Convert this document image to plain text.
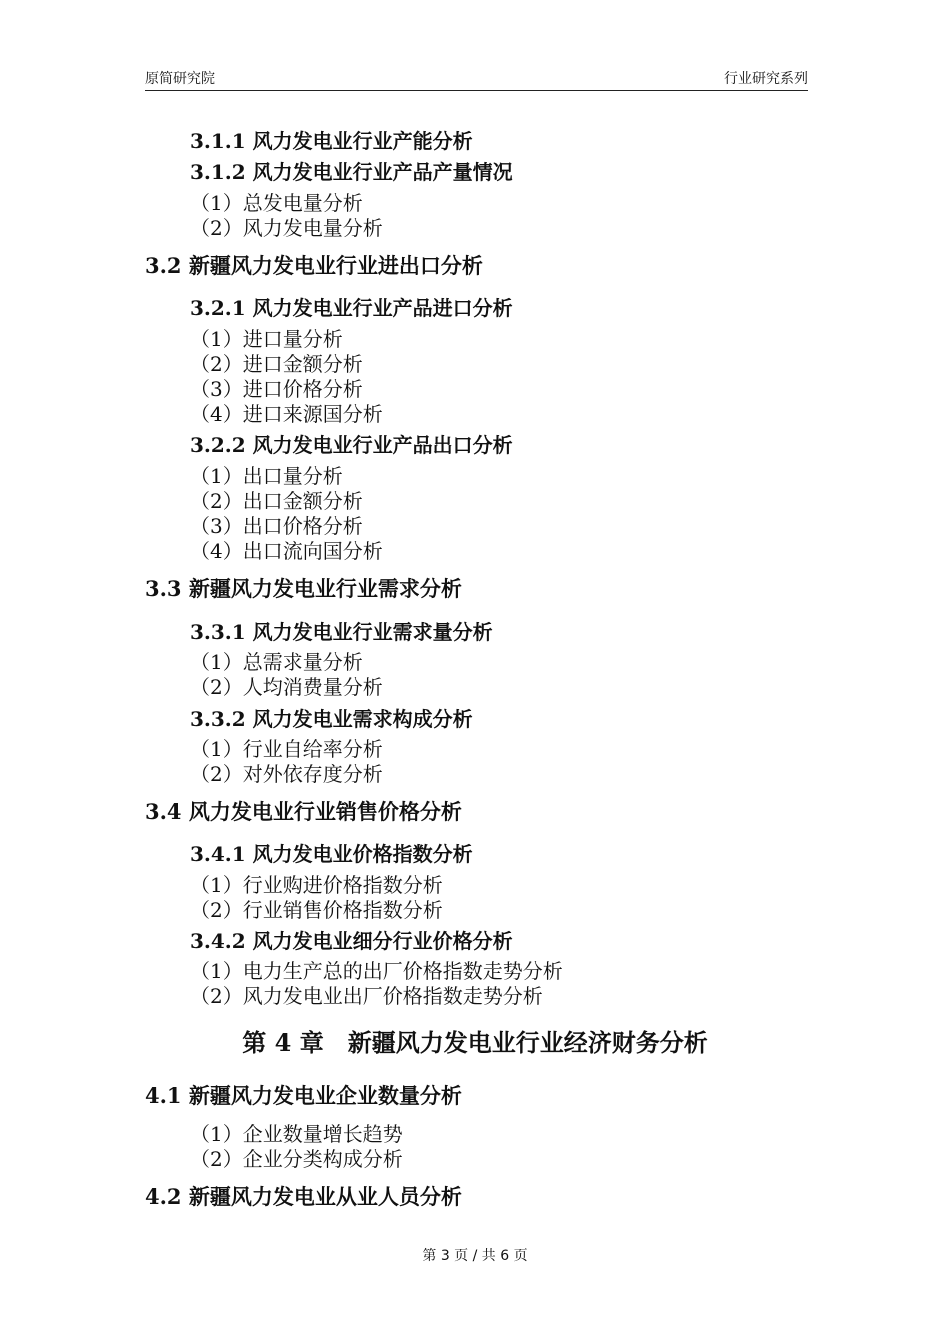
原简研究院	行业研究系列
3.1.1 风力发电业行业产能分析
3.1.2 风力发电业行业产品产量情况
（1）总发电量分析
（2）风力发电量分析
3.2 新疆风力发电业行业进出口分析
3.2.1 风力发电业行业产品进口分析
（1）进口量分析
（2）进口金额分析
（3）进口价格分析
（4）进口来源国分析
3.2.2 风力发电业行业产品出口分析
（1）出口量分析
（2）出口金额分析
（3）出口价格分析
（4）出口流向国分析
3.3 新疆风力发电业行业需求分析
3.3.1 风力发电业行业需求量分析
（1）总需求量分析
（2）人均消费量分析
3.3.2 风力发电业需求构成分析
（1）行业自给率分析
（2）对外依存度分析
3.4 风力发电业行业销售价格分析
3.4.1 风力发电业价格指数分析
（1）行业购进价格指数分析
（2）行业销售价格指数分析
3.4.2 风力发电业细分行业价格分析
（1）电力生产总的出厂价格指数走势分析
（2）风力发电业出厂价格指数走势分析
第 4 章　新疆风力发电业行业经济财务分析
4.1 新疆风力发电业企业数量分析
（1）企业数量增长趋势
（2）企业分类构成分析
4.2 新疆风力发电业从业人员分析
第 3 页 / 共 6 页
